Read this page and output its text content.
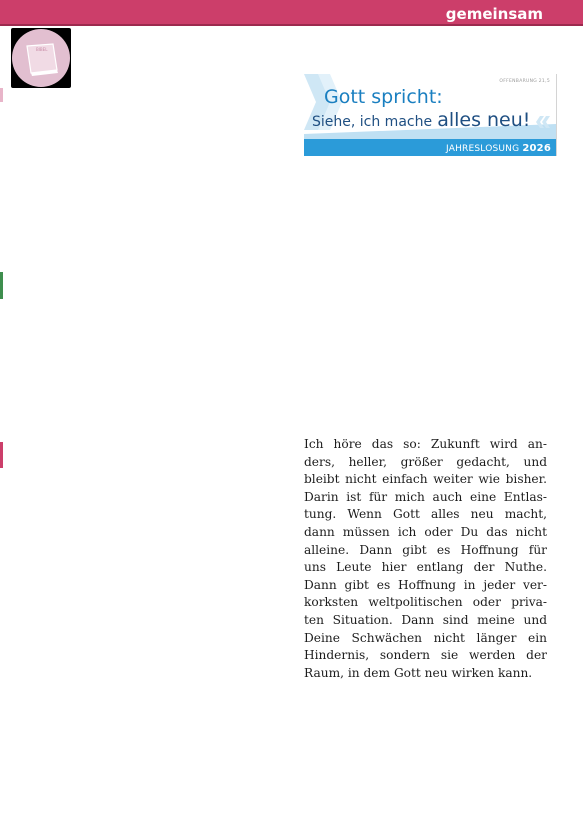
gemeinsam
BIBEL
OFFENBARUNG 21,5
Gott spricht:
Siehe, ich mache alles neu!
JAHRESLOSUNG 2026
Ich höre das so: Zukunft wird an-
ders, heller, größer gedacht, und
bleibt nicht einfach weiter wie bisher.
Darin ist für mich auch eine Entlas-
tung. Wenn Gott alles neu macht,
dann müssen ich oder Du das nicht
alleine. Dann gibt es Hoffnung für
uns Leute hier entlang der Nuthe.
Dann gibt es Hoffnung in jeder ver-
korksten weltpolitischen oder priva-
ten Situation. Dann sind meine und
Deine Schwächen nicht länger ein
Hindernis, sondern sie werden der
Raum, in dem Gott neu wirken kann.
